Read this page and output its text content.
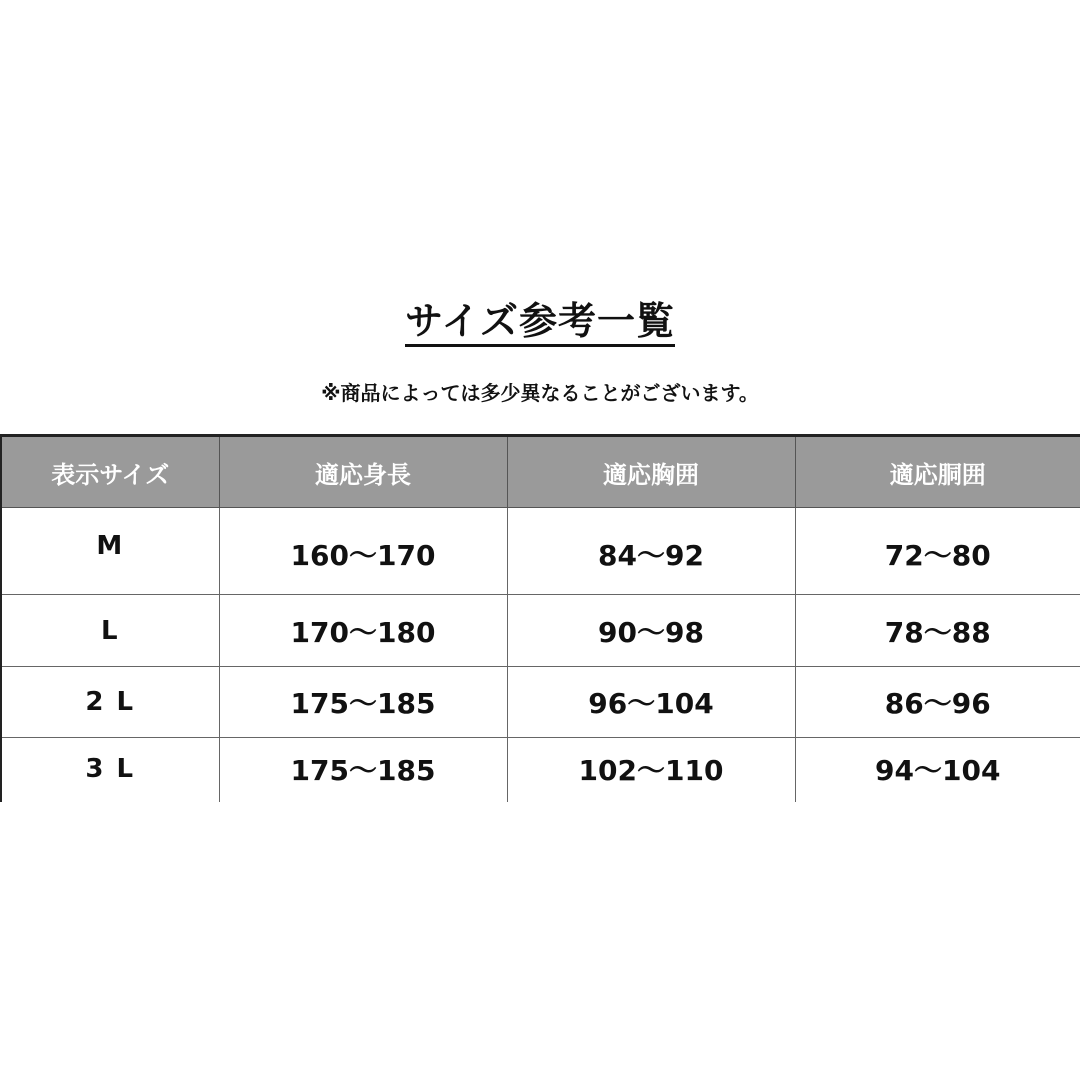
サイズ参考一覧
※商品によっては多少異なることがございます。
表示サイズ	適応身長	適応胸囲	適応胴囲
M	160～170	84～92	72～80
L	170～180	90～98	78～88
2 L	175～185	96～104	86～96
3 L	175～185	102～110	94～104
